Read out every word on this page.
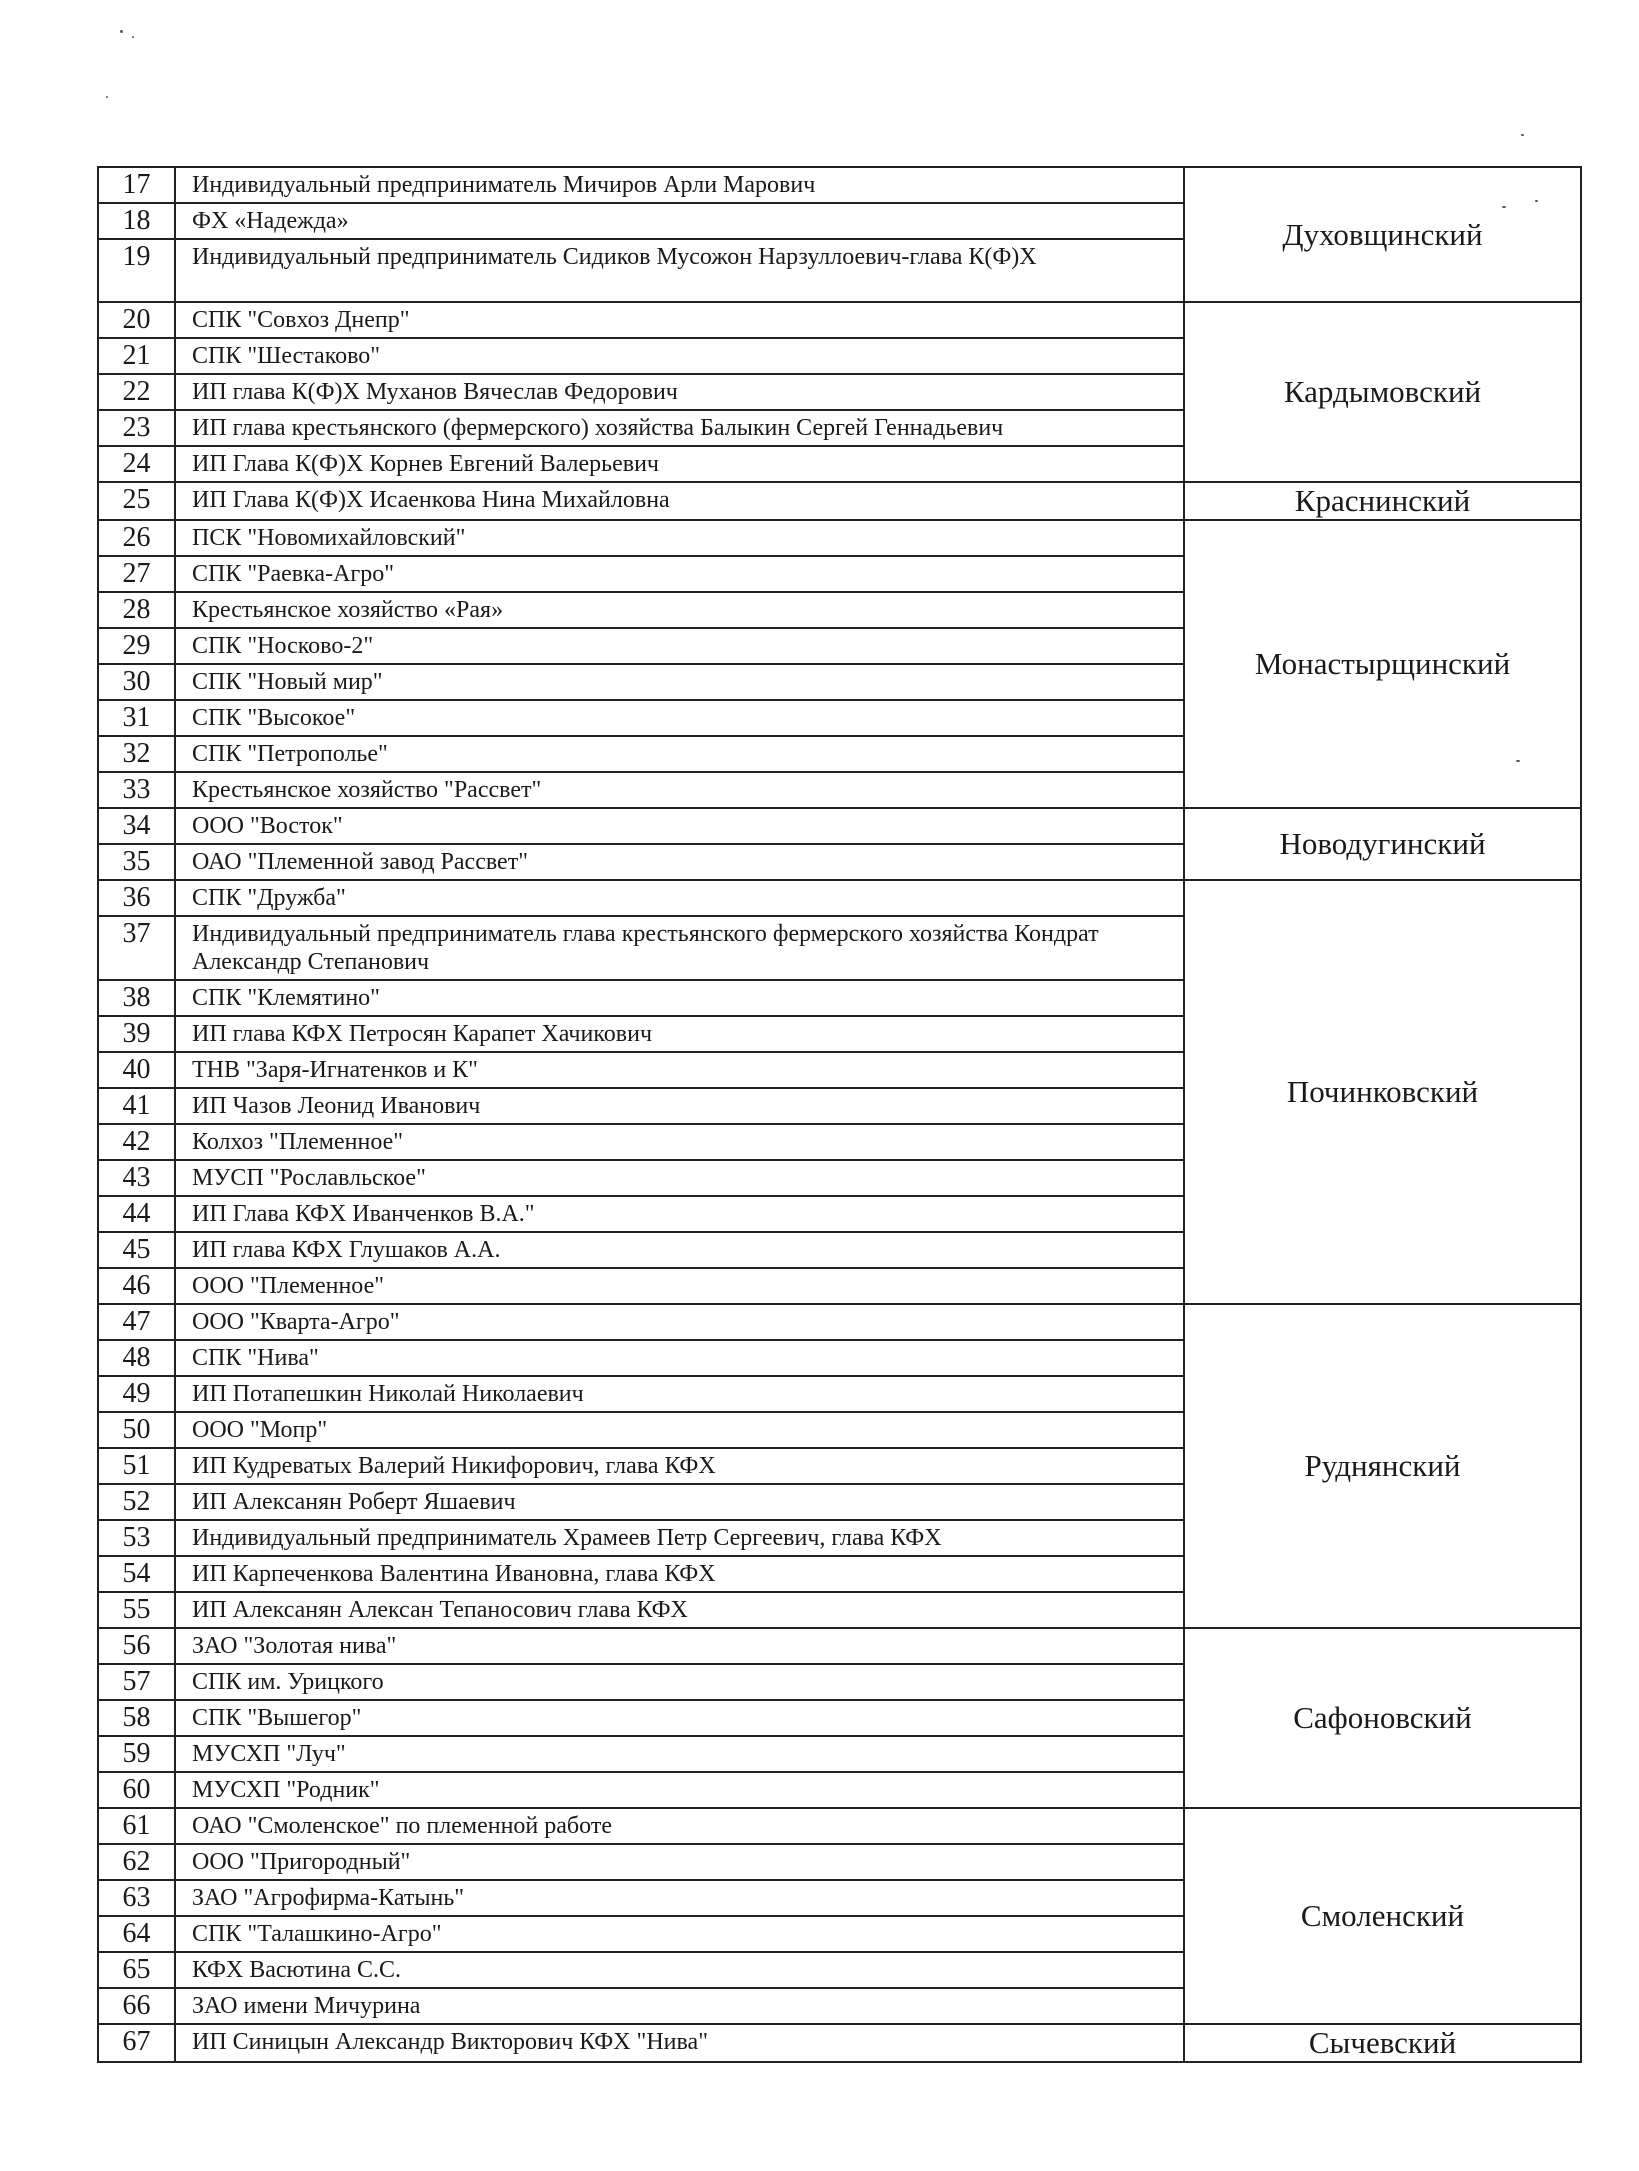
17	Индивидуальный предприниматель Мичиров Арли Марович	Духовщинский
18	ФХ «Надежда»	
19	Индивидуальный предприниматель Сидиков Мусожон Нарзуллоевич-глава К(Ф)Х	
20	СПК "Совхоз Днепр"	Кардымовский
21	СПК "Шестаково"	
22	ИП глава К(Ф)Х Муханов Вячеслав Федорович	
23	ИП глава крестьянского (фермерского) хозяйства Балыкин Сергей Геннадьевич	
24	ИП Глава К(Ф)Х Корнев Евгений Валерьевич	
25	ИП Глава К(Ф)Х Исаенкова Нина Михайловна	Краснинский
26	ПСК "Новомихайловский"	Монастырщинский
27	СПК "Раевка-Агро"	
28	Крестьянское хозяйство «Рая»	
29	СПК "Носково-2"	
30	СПК "Новый мир"	
31	СПК "Высокое"	
32	СПК "Петрополье"	
33	Крестьянское хозяйство "Рассвет"	
34	ООО "Восток"	Новодугинский
35	ОАО "Племенной завод Рассвет"	
36	СПК "Дружба"	Починковский
37	Индивидуальный предприниматель глава крестьянского фермерского хозяйства Кондрат Александр Степанович	
38	СПК "Клемятино"	
39	ИП глава КФХ Петросян Карапет Хачикович	
40	ТНВ "Заря-Игнатенков и К"	
41	ИП Чазов Леонид Иванович	
42	Колхоз "Племенное"	
43	МУСП "Рославльское"	
44	ИП Глава КФХ Иванченков В.А."	
45	ИП глава КФХ Глушаков А.А.	
46	ООО "Племенное"	
47	ООО "Кварта-Агро"	Руднянский
48	СПК "Нива"	
49	ИП Потапешкин Николай Николаевич	
50	ООО "Мопр"	
51	ИП Кудреватых Валерий Никифорович, глава КФХ	
52	ИП Алексанян Роберт Яшаевич	
53	Индивидуальный предприниматель Храмеев Петр Сергеевич, глава КФХ	
54	ИП Карпеченкова Валентина Ивановна, глава КФХ	
55	ИП Алексанян Алексан Тепаносович глава КФХ	
56	ЗАО "Золотая нива"	Сафоновский
57	СПК им. Урицкого	
58	СПК "Вышегор"	
59	МУСХП "Луч"	
60	МУСХП "Родник"	
61	ОАО "Смоленское" по племенной работе	Смоленский
62	ООО "Пригородный"	
63	ЗАО "Агрофирма-Катынь"	
64	СПК "Талашкино-Агро"	
65	КФХ Васютина С.С.	
66	ЗАО имени Мичурина	
67	ИП Синицын Александр Викторович КФХ "Нива"	Сычевский
